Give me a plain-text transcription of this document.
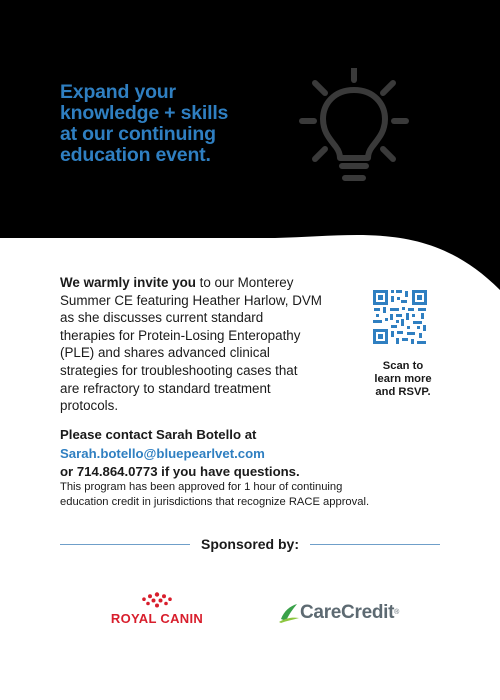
Expand your
knowledge + skills
at our continuing
education event.
We warmly invite you to our Monterey
Summer CE featuring Heather Harlow, DVM
as she discusses current standard
therapies for Protein-Losing Enteropathy
(PLE) and shares advanced clinical
strategies for troubleshooting cases that
are refractory to standard treatment
protocols.
Scan to
learn more
and RSVP.
Please contact Sarah Botello at
Sarah.botello@bluepearlvet.com
or 714.864.0773 if you have questions.
This program has been approved for 1 hour of continuing
education credit in jurisdictions that recognize RACE approval.
Sponsored by:
ROYAL CANIN	CareCredit®
